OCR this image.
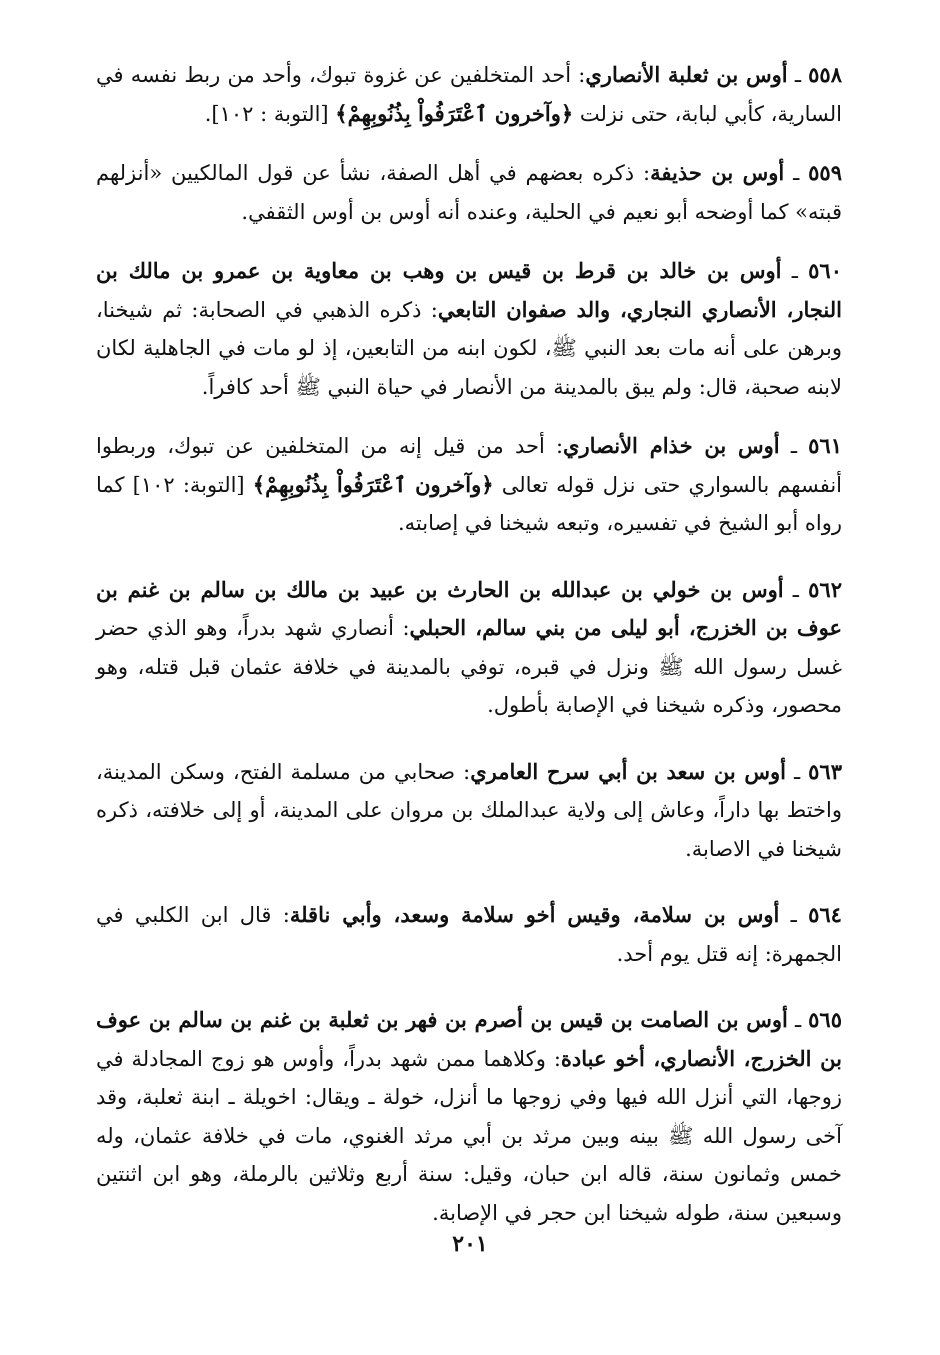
٥٥٨ ـ أوس بن ثعلبة الأنصاري: أحد المتخلفين عن غزوة تبوك، وأحد من ربط نفسه في السارية، كأبي لبابة، حتى نزلت ﴿وآخرون ٱعْتَرَفُواْ بِذُنُوبِهِمْ﴾ [التوبة : ١٠٢].

٥٥٩ ـ أوس بن حذيفة: ذكره بعضهم في أهل الصفة، نشأ عن قول المالكيين «أنزلهم قبته» كما أوضحه أبو نعيم في الحلية، وعنده أنه أوس بن أوس الثقفي.

٥٦٠ ـ أوس بن خالد بن قرط بن قيس بن وهب بن معاوية بن عمرو بن مالك بن النجار، الأنصاري النجاري، والد صفوان التابعي: ذكره الذهبي في الصحابة: ثم شيخنا، وبرهن على أنه مات بعد النبي ﷺ، لكون ابنه من التابعين، إذ لو مات في الجاهلية لكان لابنه صحبة، قال: ولم يبق بالمدينة من الأنصار في حياة النبي ﷺ أحد كافراً.

٥٦١ ـ أوس بن خذام الأنصاري: أحد من قيل إنه من المتخلفين عن تبوك، وربطوا أنفسهم بالسواري حتى نزل قوله تعالى ﴿وآخرون ٱعْتَرَفُواْ بِذُنُوبِهِمْ﴾ [التوبة: ١٠٢] كما رواه أبو الشيخ في تفسيره، وتبعه شيخنا في إصابته.

٥٦٢ ـ أوس بن خولي بن عبدالله بن الحارث بن عبيد بن مالك بن سالم بن غنم بن عوف بن الخزرج، أبو ليلى من بني سالم، الحبلي: أنصاري شهد بدراً، وهو الذي حضر غسل رسول الله ﷺ ونزل في قبره، توفي بالمدينة في خلافة عثمان قبل قتله، وهو محصور، وذكره شيخنا في الإصابة بأطول.

٥٦٣ ـ أوس بن سعد بن أبي سرح العامري: صحابي من مسلمة الفتح، وسكن المدينة، واختط بها داراً، وعاش إلى ولاية عبدالملك بن مروان على المدينة، أو إلى خلافته، ذكره شيخنا في الاصابة.

٥٦٤ ـ أوس بن سلامة، وقيس أخو سلامة وسعد، وأبي ناقلة: قال ابن الكلبي في الجمهرة: إنه قتل يوم أحد.

٥٦٥ ـ أوس بن الصامت بن قيس بن أصرم بن فهر بن ثعلبة بن غنم بن سالم بن عوف بن الخزرج، الأنصاري، أخو عبادة: وكلاهما ممن شهد بدراً، وأوس هو زوج المجادلة في زوجها، التي أنزل الله فيها وفي زوجها ما أنزل، خولة ـ ويقال: اخويلة ـ ابنة ثعلبة، وقد آخى رسول الله ﷺ بينه وبين مرثد بن أبي مرثد الغنوي، مات في خلافة عثمان، وله خمس وثمانون سنة، قاله ابن حبان، وقيل: سنة أربع وثلاثين بالرملة، وهو ابن اثنتين وسبعين سنة، طوله شيخنا ابن حجر في الإصابة.

٢٠١
